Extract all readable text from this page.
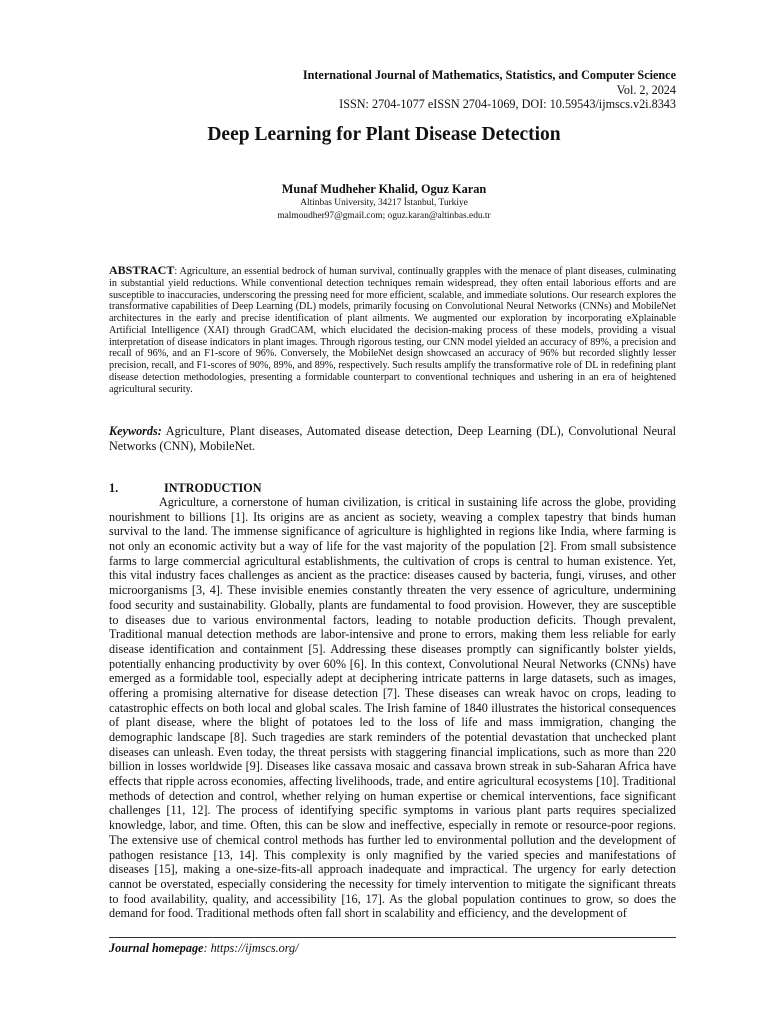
International Journal of Mathematics, Statistics, and Computer Science
Vol. 2, 2024
ISSN: 2704-1077 eISSN 2704-1069, DOI: 10.59543/ijmscs.v2i.8343
Deep Learning for Plant Disease Detection
Munaf Mudheher Khalid, Oguz Karan
Altinbas University, 34217 İstanbul, Turkiye
malmoudher97@gmail.com; oguz.karan@altinbas.edu.tr
ABSTRACT: Agriculture, an essential bedrock of human survival, continually grapples with the menace of plant diseases, culminating in substantial yield reductions. While conventional detection techniques remain widespread, they often entail laborious efforts and are susceptible to inaccuracies, underscoring the pressing need for more efficient, scalable, and immediate solutions. Our research explores the transformative capabilities of Deep Learning (DL) models, primarily focusing on Convolutional Neural Networks (CNNs) and MobileNet architectures in the early and precise identification of plant ailments. We augmented our exploration by incorporating eXplainable Artificial Intelligence (XAI) through GradCAM, which elucidated the decision-making process of these models, providing a visual interpretation of disease indicators in plant images. Through rigorous testing, our CNN model yielded an accuracy of 89%, a precision and recall of 96%, and an F1-score of 96%. Conversely, the MobileNet design showcased an accuracy of 96% but recorded slightly lesser precision, recall, and F1-scores of 90%, 89%, and 89%, respectively. Such results amplify the transformative role of DL in redefining plant disease detection methodologies, presenting a formidable counterpart to conventional techniques and ushering in an era of heightened agricultural security.
Keywords: Agriculture, Plant diseases, Automated disease detection, Deep Learning (DL), Convolutional Neural Networks (CNN), MobileNet.
1.	INTRODUCTION

Agriculture, a cornerstone of human civilization, is critical in sustaining life across the globe, providing nourishment to billions [1]. Its origins are as ancient as society, weaving a complex tapestry that binds human survival to the land. The immense significance of agriculture is highlighted in regions like India, where farming is not only an economic activity but a way of life for the vast majority of the population [2]. From small subsistence farms to large commercial agricultural establishments, the cultivation of crops is central to human existence. Yet, this vital industry faces challenges as ancient as the practice: diseases caused by bacteria, fungi, viruses, and other microorganisms [3, 4]. These invisible enemies constantly threaten the very essence of agriculture, undermining food security and sustainability. Globally, plants are fundamental to food provision. However, they are susceptible to diseases due to various environmental factors, leading to notable production deficits. Though prevalent, Traditional manual detection methods are labor-intensive and prone to errors, making them less reliable for early disease identification and containment [5]. Addressing these diseases promptly can significantly bolster yields, potentially enhancing productivity by over 60% [6]. In this context, Convolutional Neural Networks (CNNs) have emerged as a formidable tool, especially adept at deciphering intricate patterns in large datasets, such as images, offering a promising alternative for disease detection [7]. These diseases can wreak havoc on crops, leading to catastrophic effects on both local and global scales. The Irish famine of 1840 illustrates the historical consequences of plant disease, where the blight of potatoes led to the loss of life and mass immigration, changing the demographic landscape [8]. Such tragedies are stark reminders of the potential devastation that unchecked plant diseases can unleash. Even today, the threat persists with staggering financial implications, such as more than 220 billion in losses worldwide [9]. Diseases like cassava mosaic and cassava brown streak in sub-Saharan Africa have effects that ripple across economies, affecting livelihoods, trade, and entire agricultural ecosystems [10]. Traditional methods of detection and control, whether relying on human expertise or chemical interventions, face significant challenges [11, 12]. The process of identifying specific symptoms in various plant parts requires specialized knowledge, labor, and time. Often, this can be slow and ineffective, especially in remote or resource-poor regions. The extensive use of chemical control methods has further led to environmental pollution and the development of pathogen resistance [13, 14]. This complexity is only magnified by the varied species and manifestations of diseases [15], making a one-size-fits-all approach inadequate and impractical. The urgency for early detection cannot be overstated, especially considering the necessity for timely intervention to mitigate the significant threats to food availability, quality, and accessibility [16, 17]. As the global population continues to grow, so does the demand for food. Traditional methods often fall short in scalability and efficiency, and the development of

Journal homepage: https://ijmscs.org/
